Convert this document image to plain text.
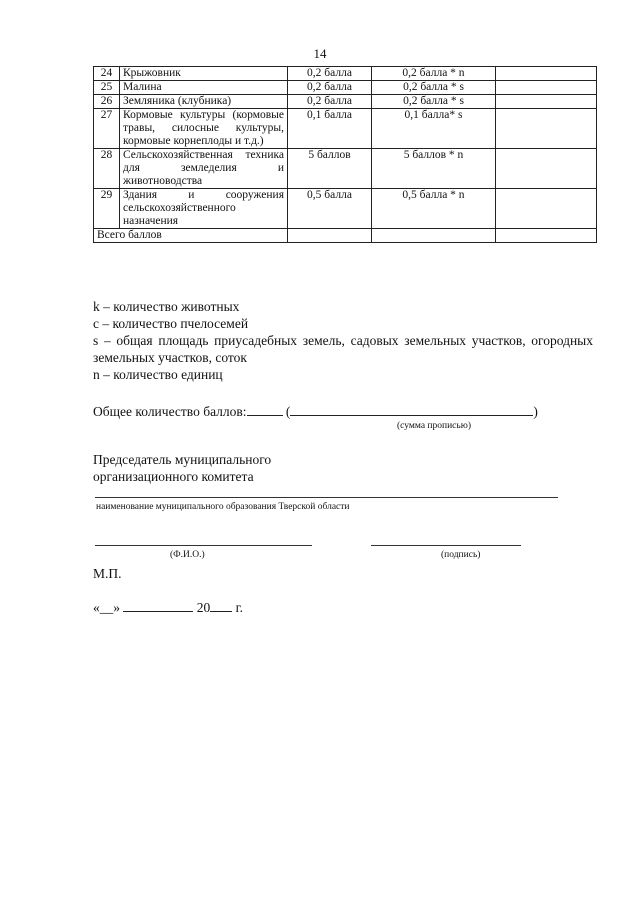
14
24	Крыжовник	0,2 балла	0,2 балла * n	
25	Малина	0,2 балла	0,2 балла * s	
26	Земляника (клубника)	0,2 балла	0,2 балла * s	
27	Кормовые культуры (кормовые травы, силосные культуры, кормовые корнеплоды и т.д.)	0,1 балла	0,1 балла* s	
28	Сельскохозяйственная техника для земледелия и животноводства	5 баллов	5 баллов * n	
29	Здания и сооружения сельскохозяйственного назначения	0,5 балла	0,5 балла * n	
Всего баллов				
k – количество животных
c – количество пчелосемей
s – общая площадь приусадебных земель, садовых земельных участков, огородных земельных участков, соток
n – количество единиц
Общее количество баллов:	(	)
(сумма прописью)
Председатель муниципального
организационного комитета
наименование муниципального образования Тверской области
(Ф.И.О.)	(подпись)
М.П.
«__»	20 г.
